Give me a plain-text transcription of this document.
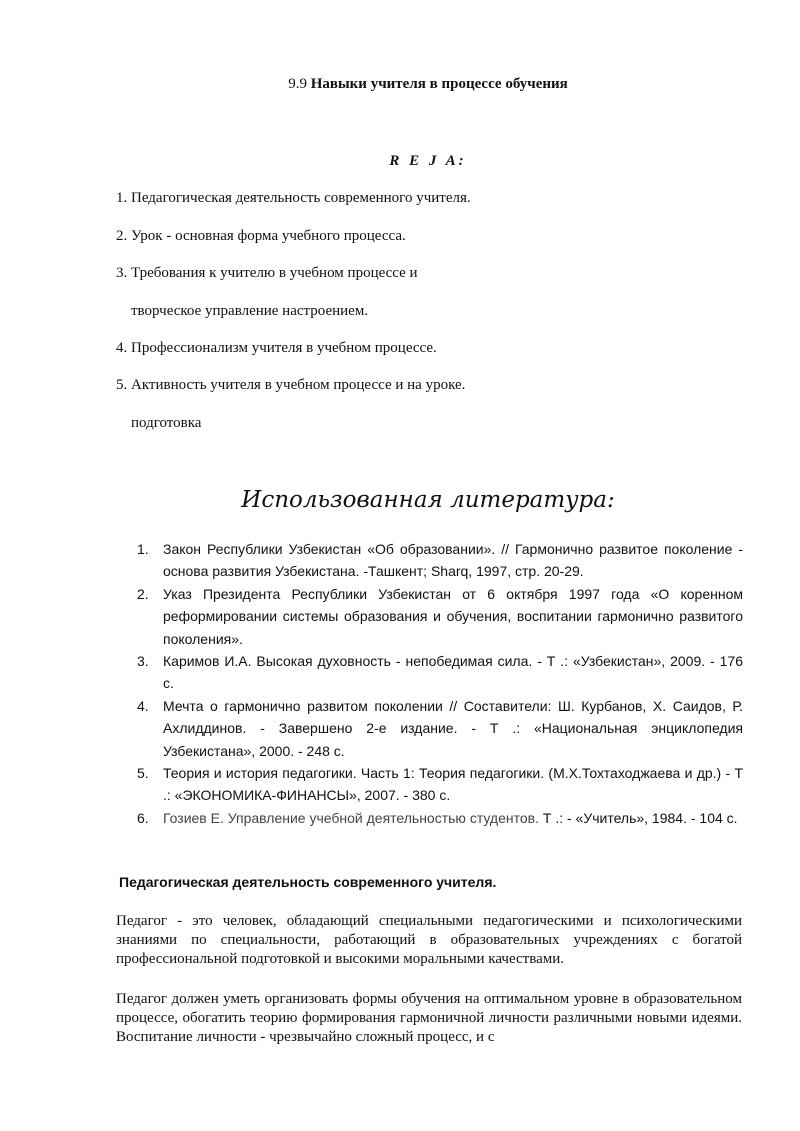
9.9 Навыки учителя в процессе обучения
R E J A:
1. Педагогическая деятельность современного учителя.
2. Урок - основная форма учебного процесса.
3. Требования к учителю в учебном процессе и
творческое управление настроением.
4. Профессионализм учителя в учебном процессе.
5. Активность учителя в учебном процессе и на уроке.
подготовка
Использованная литература:
1. Закон Республики Узбекистан «Об образовании». // Гармонично развитое поколение - основа развития Узбекистана. -Ташкент; Sharq, 1997, стр. 20-29.
2. Указ Президента Республики Узбекистан от 6 октября 1997 года «О коренном реформировании системы образования и обучения, воспитании гармонично развитого поколения».
3. Каримов И.А. Высокая духовность - непобедимая сила. - Т .: «Узбекистан», 2009. - 176 с.
4. Мечта о гармонично развитом поколении // Составители: Ш. Курбанов, Х. Саидов, Р. Ахлиддинов. - Завершено 2-е издание. - Т .: «Национальная энциклопедия Узбекистана», 2000. - 248 с.
5. Теория и история педагогики. Часть 1: Теория педагогики. (М.Х.Тохтаходжаева и др.) - Т .: «ЭКОНОМИКА-ФИНАНСЫ», 2007. - 380 с.
6. Гозиев Е. Управление учебной деятельностью студентов. Т .: - «Учитель», 1984. - 104 с.
Педагогическая деятельность современного учителя.

Педагог - это человек, обладающий специальными педагогическими и психологическими знаниями по специальности, работающий в образовательных учреждениях с богатой профессиональной подготовкой и высокими моральными качествами.

Педагог должен уметь организовать формы обучения на оптимальном уровне в образовательном процессе, обогатить теорию формирования гармоничной личности различными новыми идеями. Воспитание личности - чрезвычайно сложный процесс, и с
